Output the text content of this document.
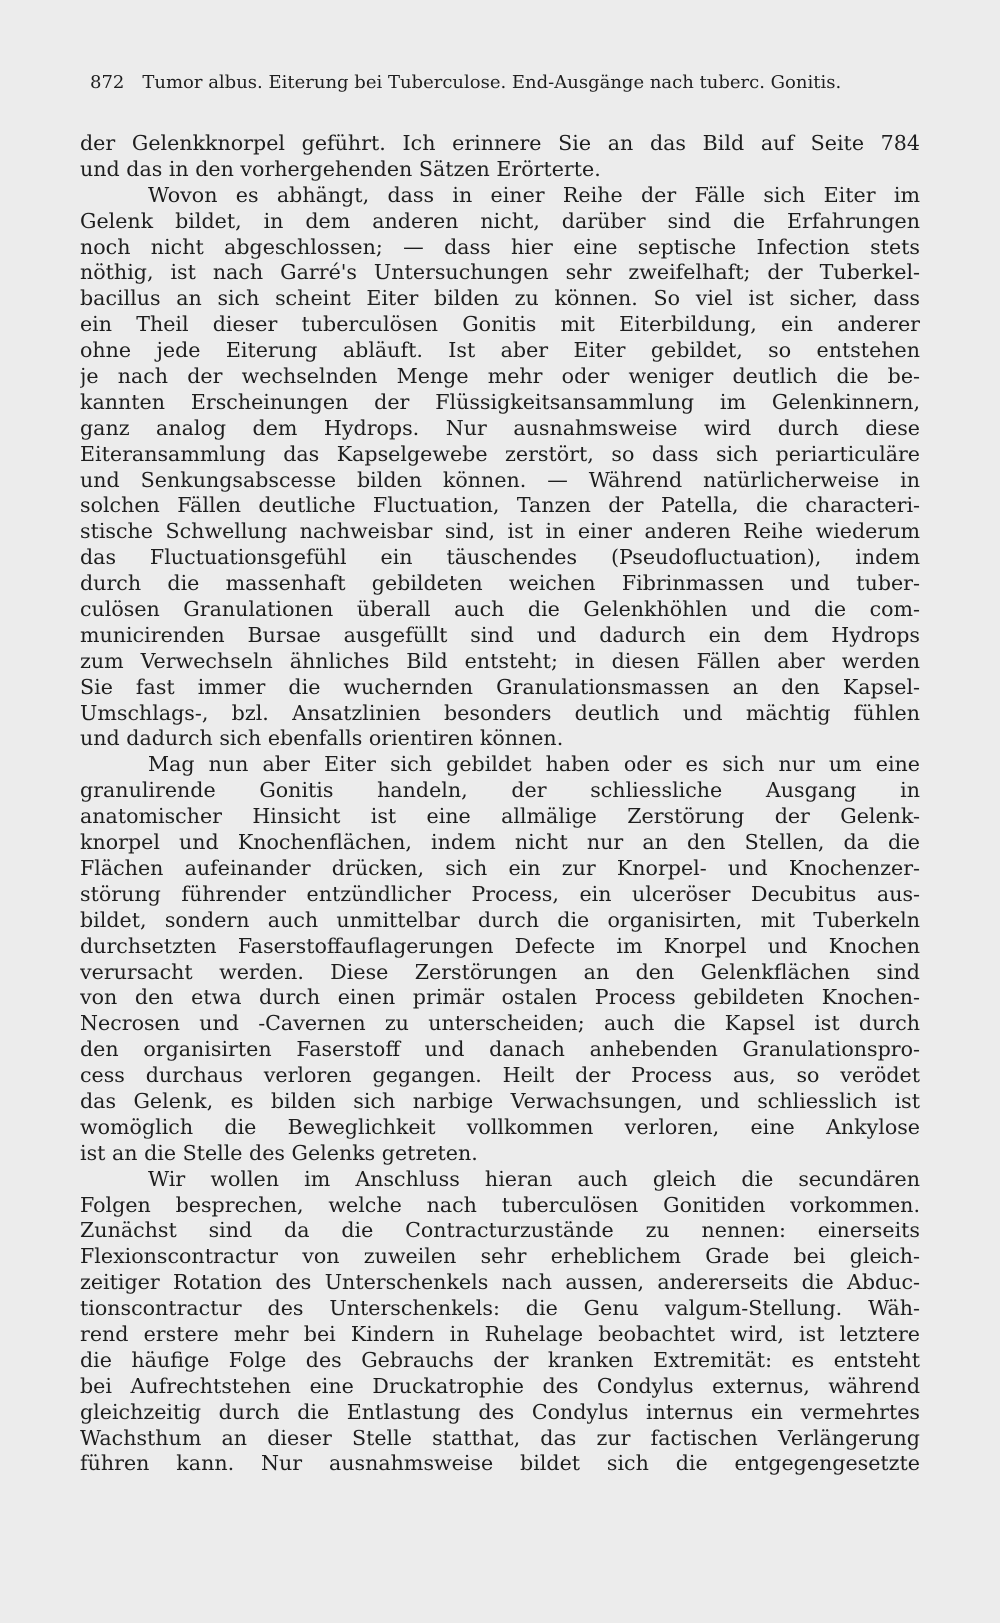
872 Tumor albus. Eiterung bei Tuberculose. End-Ausgänge nach tuberc. Gonitis.
der Gelenkknorpel geführt. Ich erinnere Sie an das Bild auf Seite 784
und das in den vorhergehenden Sätzen Erörterte.
Wovon es abhängt, dass in einer Reihe der Fälle sich Eiter im
Gelenk bildet, in dem anderen nicht, darüber sind die Erfahrungen
noch nicht abgeschlossen; — dass hier eine septische Infection stets
nöthig, ist nach Garré's Untersuchungen sehr zweifelhaft; der Tuberkel-
bacillus an sich scheint Eiter bilden zu können. So viel ist sicher, dass
ein Theil dieser tuberculösen Gonitis mit Eiterbildung, ein anderer
ohne jede Eiterung abläuft. Ist aber Eiter gebildet, so entstehen
je nach der wechselnden Menge mehr oder weniger deutlich die be-
kannten Erscheinungen der Flüssigkeitsansammlung im Gelenkinnern,
ganz analog dem Hydrops. Nur ausnahmsweise wird durch diese
Eiteransammlung das Kapselgewebe zerstört, so dass sich periarticuläre
und Senkungsabscesse bilden können. — Während natürlicherweise in
solchen Fällen deutliche Fluctuation, Tanzen der Patella, die characteri-
stische Schwellung nachweisbar sind, ist in einer anderen Reihe wiederum
das Fluctuationsgefühl ein täuschendes (Pseudofluctuation), indem
durch die massenhaft gebildeten weichen Fibrinmassen und tuber-
culösen Granulationen überall auch die Gelenkhöhlen und die com-
municirenden Bursae ausgefüllt sind und dadurch ein dem Hydrops
zum Verwechseln ähnliches Bild entsteht; in diesen Fällen aber werden
Sie fast immer die wuchernden Granulationsmassen an den Kapsel-
Umschlags-, bzl. Ansatzlinien besonders deutlich und mächtig fühlen
und dadurch sich ebenfalls orientiren können.
Mag nun aber Eiter sich gebildet haben oder es sich nur um eine
granulirende Gonitis handeln, der schliessliche Ausgang in
anatomischer Hinsicht ist eine allmälige Zerstörung der Gelenk-
knorpel und Knochenflächen, indem nicht nur an den Stellen, da die
Flächen aufeinander drücken, sich ein zur Knorpel- und Knochenzer-
störung führender entzündlicher Process, ein ulceröser Decubitus aus-
bildet, sondern auch unmittelbar durch die organisirten, mit Tuberkeln
durchsetzten Faserstoffauflagerungen Defecte im Knorpel und Knochen
verursacht werden. Diese Zerstörungen an den Gelenkflächen sind
von den etwa durch einen primär ostalen Process gebildeten Knochen-
Necrosen und -Cavernen zu unterscheiden; auch die Kapsel ist durch
den organisirten Faserstoff und danach anhebenden Granulationspro-
cess durchaus verloren gegangen. Heilt der Process aus, so verödet
das Gelenk, es bilden sich narbige Verwachsungen, und schliesslich ist
womöglich die Beweglichkeit vollkommen verloren, eine Ankylose
ist an die Stelle des Gelenks getreten.
Wir wollen im Anschluss hieran auch gleich die secundären
Folgen besprechen, welche nach tuberculösen Gonitiden vorkommen.
Zunächst sind da die Contracturzustände zu nennen: einerseits
Flexionscontractur von zuweilen sehr erheblichem Grade bei gleich-
zeitiger Rotation des Unterschenkels nach aussen, andererseits die Abduc-
tionscontractur des Unterschenkels: die Genu valgum-Stellung. Wäh-
rend erstere mehr bei Kindern in Ruhelage beobachtet wird, ist letztere
die häufige Folge des Gebrauchs der kranken Extremität: es entsteht
bei Aufrechtstehen eine Druckatrophie des Condylus externus, während
gleichzeitig durch die Entlastung des Condylus internus ein vermehrtes
Wachsthum an dieser Stelle statthat, das zur factischen Verlängerung
führen kann. Nur ausnahmsweise bildet sich die entgegengesetzte
